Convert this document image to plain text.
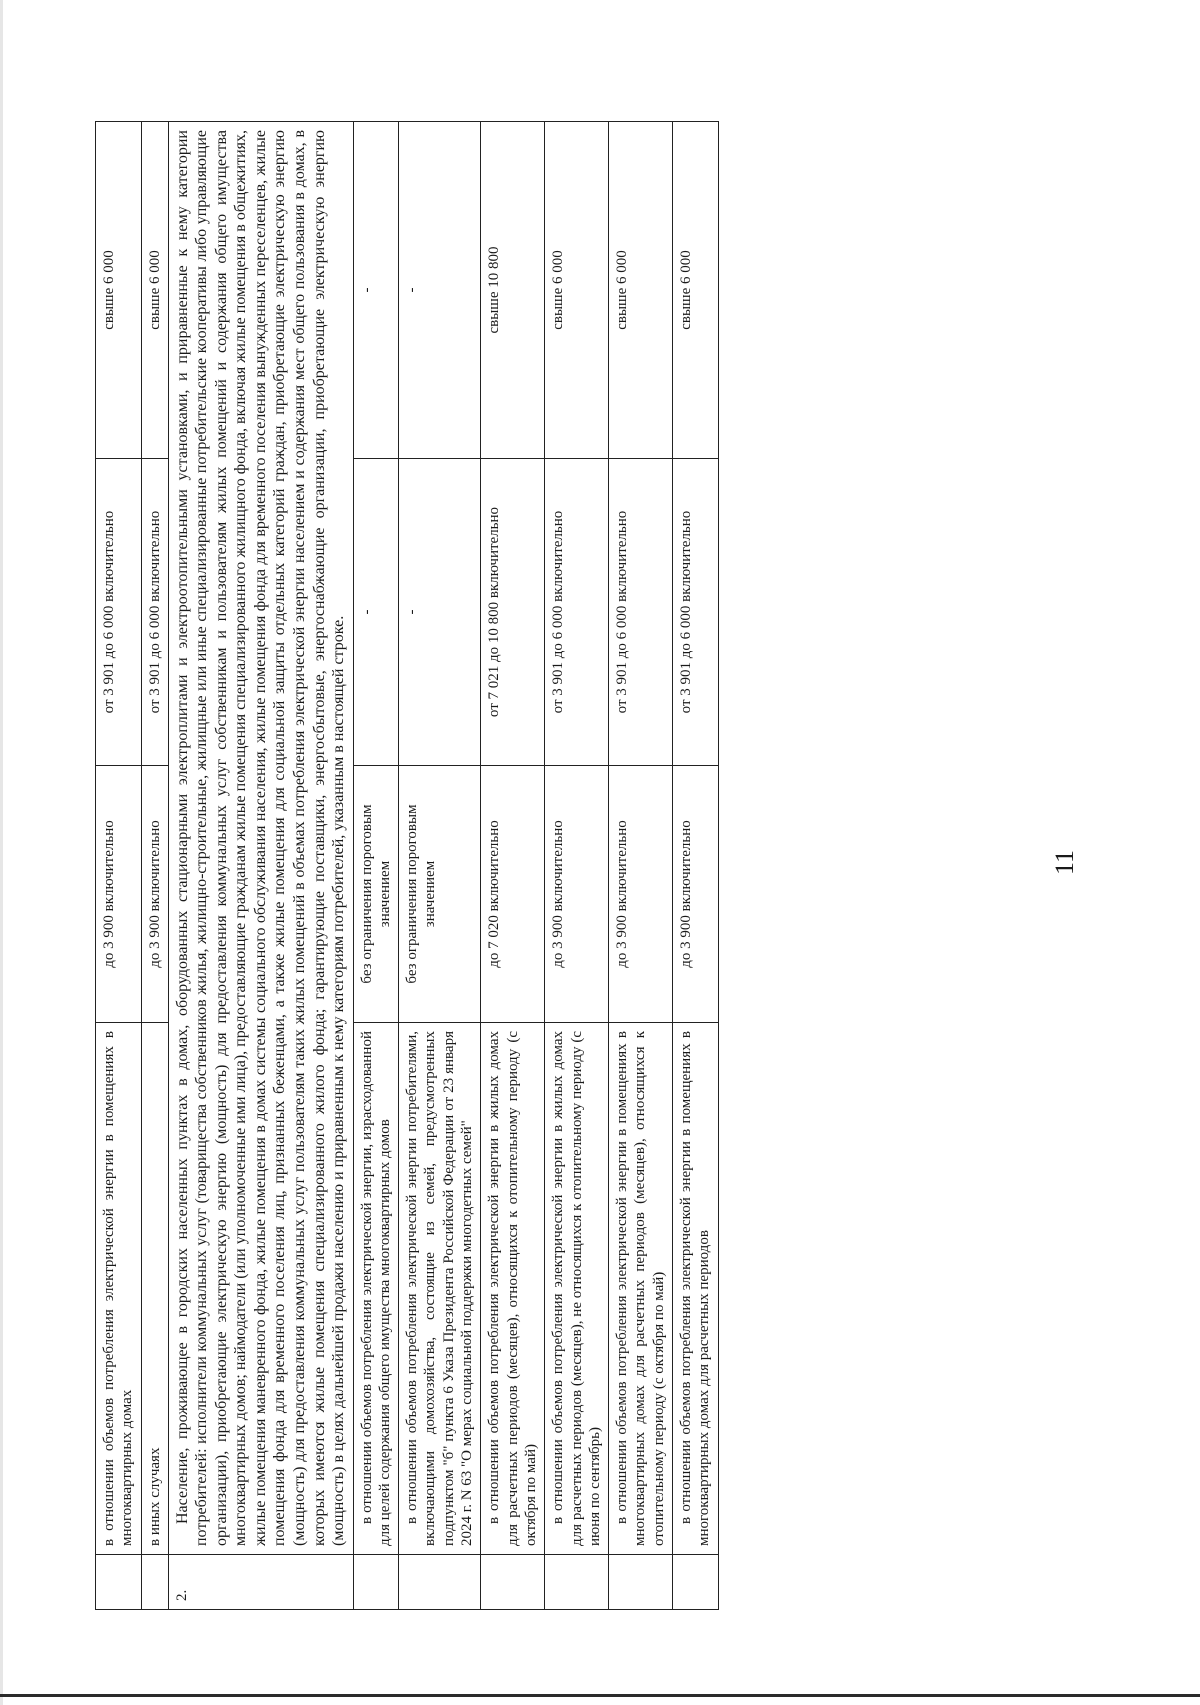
11
	в отношении объемов потребления электрической энергии в помещениях в многоквартирных домах	до 3 900 включительно	от 3 901 до 6 000 включительно	свыше 6 000
	в иных случаях	до 3 900 включительно	от 3 901 до 6 000 включительно	свыше 6 000
2.	Население, проживающее в городских населенных пунктах в домах, оборудованных стационарными электроплитами и электроотопительными установками, и приравненные к нему категории потребителей: исполнители коммунальных услуг (товарищества собственников жилья, жилищно-строительные, жилищные или иные специализированные потребительские кооперативы либо управляющие организации), приобретающие электрическую энергию (мощность) для предоставления коммунальных услуг собственникам и пользователям жилых помещений и содержания общего имущества многоквартирных домов; наймодатели (или уполномоченные ими лица), предоставляющие гражданам жилые помещения специализированного жилищного фонда, включая жилые помещения в общежитиях, жилые помещения маневренного фонда, жилые помещения в домах системы социального обслуживания населения, жилые помещения фонда для временного поселения вынужденных переселенцев, жилые помещения фонда для временного поселения лиц, признанных беженцами, а также жилые помещения для социальной защиты отдельных категорий граждан, приобретающие электрическую энергию (мощность) для предоставления коммунальных услуг пользователям таких жилых помещений в объемах потребления электрической энергии населением и содержания мест общего пользования в домах, в которых имеются жилые помещения специализированного жилого фонда; гарантирующие поставщики, энергосбытовые, энергоснабжающие организации, приобретающие электрическую энергию (мощность) в целях дальнейшей продажи населению и приравненным к нему категориям потребителей, указанным в настоящей строке.			
	в отношении объемов потребления электрической энергии, израсходованной для целей содержания общего имущества многоквартирных домов	без ограничения пороговым значением	-	-
	в отношении объемов потребления электрической энергии потребителями, включающими домохозяйства, состоящие из семей, предусмотренных подпунктом "б" пункта 6 Указа Президента Российской Федерации от 23 января 2024 г. N 63 "О мерах социальной поддержки многодетных семей"	без ограничения пороговым значением	-	-
	в отношении объемов потребления электрической энергии в жилых домах для расчетных периодов (месяцев), относящихся к отопительному периоду (с октября по май)	до 7 020 включительно	от 7 021 до 10 800 включительно	свыше 10 800
	в отношении объемов потребления электрической энергии в жилых домах для расчетных периодов (месяцев), не относящихся к отопительному периоду (с июня по сентябрь)	до 3 900 включительно	от 3 901 до 6 000 включительно	свыше 6 000
	в отношении объемов потребления электрической энергии в помещениях в многоквартирных домах для расчетных периодов (месяцев), относящихся к отопительному периоду (с октября по май)	до 3 900 включительно	от 3 901 до 6 000 включительно	свыше 6 000
	в отношении объемов потребления электрической энергии в помещениях в многоквартирных домах для расчетных периодов	до 3 900 включительно	от 3 901 до 6 000 включительно	свыше 6 000
